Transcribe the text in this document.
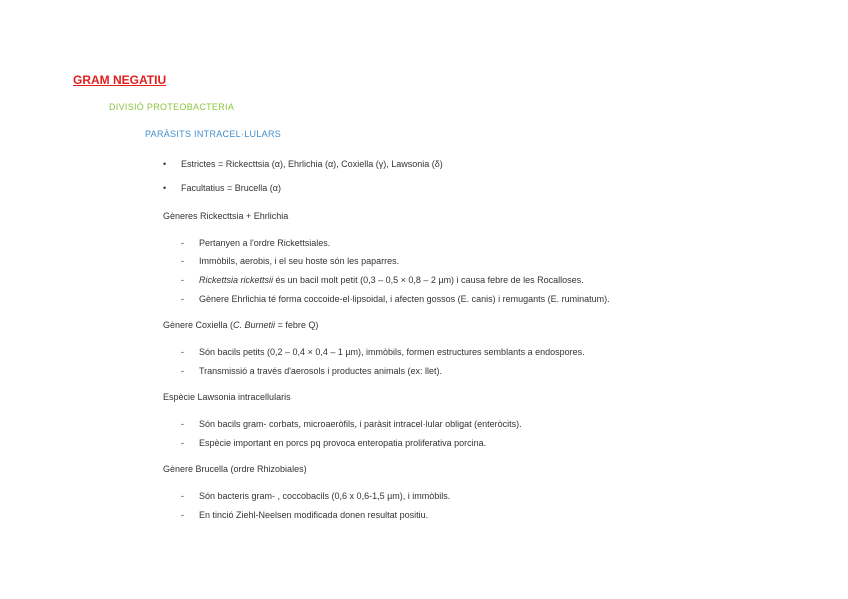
GRAM NEGATIU
DIVISIÓ PROTEOBACTERIA
PARÀSITS INTRACEL·LULARS
• Estrictes = Rickecttsia (α), Ehrlichia (α), Coxiella (γ), Lawsonia (δ)
• Facultatius = Brucella (α)
Gèneres Rickecttsia + Ehrlichia
- Pertanyen a l'ordre Rickettsiales.
- Immòbils, aerobis, i el seu hoste són les paparres.
- Rickettsia rickettsii és un bacil molt petit (0,3 – 0,5 × 0,8 – 2 µm) i causa febre de les Rocalloses.
- Gènere Ehrlichia té forma coccoide-el·lipsoidal, i afecten gossos (E. canis) i remugants (E. ruminatum).
Gènere Coxiella (C. Burnetii = febre Q)
- Són bacils petits (0,2 – 0,4 × 0,4 – 1 µm), immòbils, formen estructures semblants a endospores.
- Transmissió a través d'aerosols i productes animals (ex: llet).
Espècie Lawsonia intracellularis
- Són bacils gram- corbats, microaeròfils, i paràsit intracel·lular obligat (enteròcits).
- Espècie important en porcs pq provoca enteropatia proliferativa porcina.
Gènere Brucella (ordre Rhizobiales)
- Són bacteris gram- , coccobacils (0,6 x 0,6-1,5 µm), i immòbils.
- En tinció Ziehl-Neelsen modificada donen resultat positiu.
